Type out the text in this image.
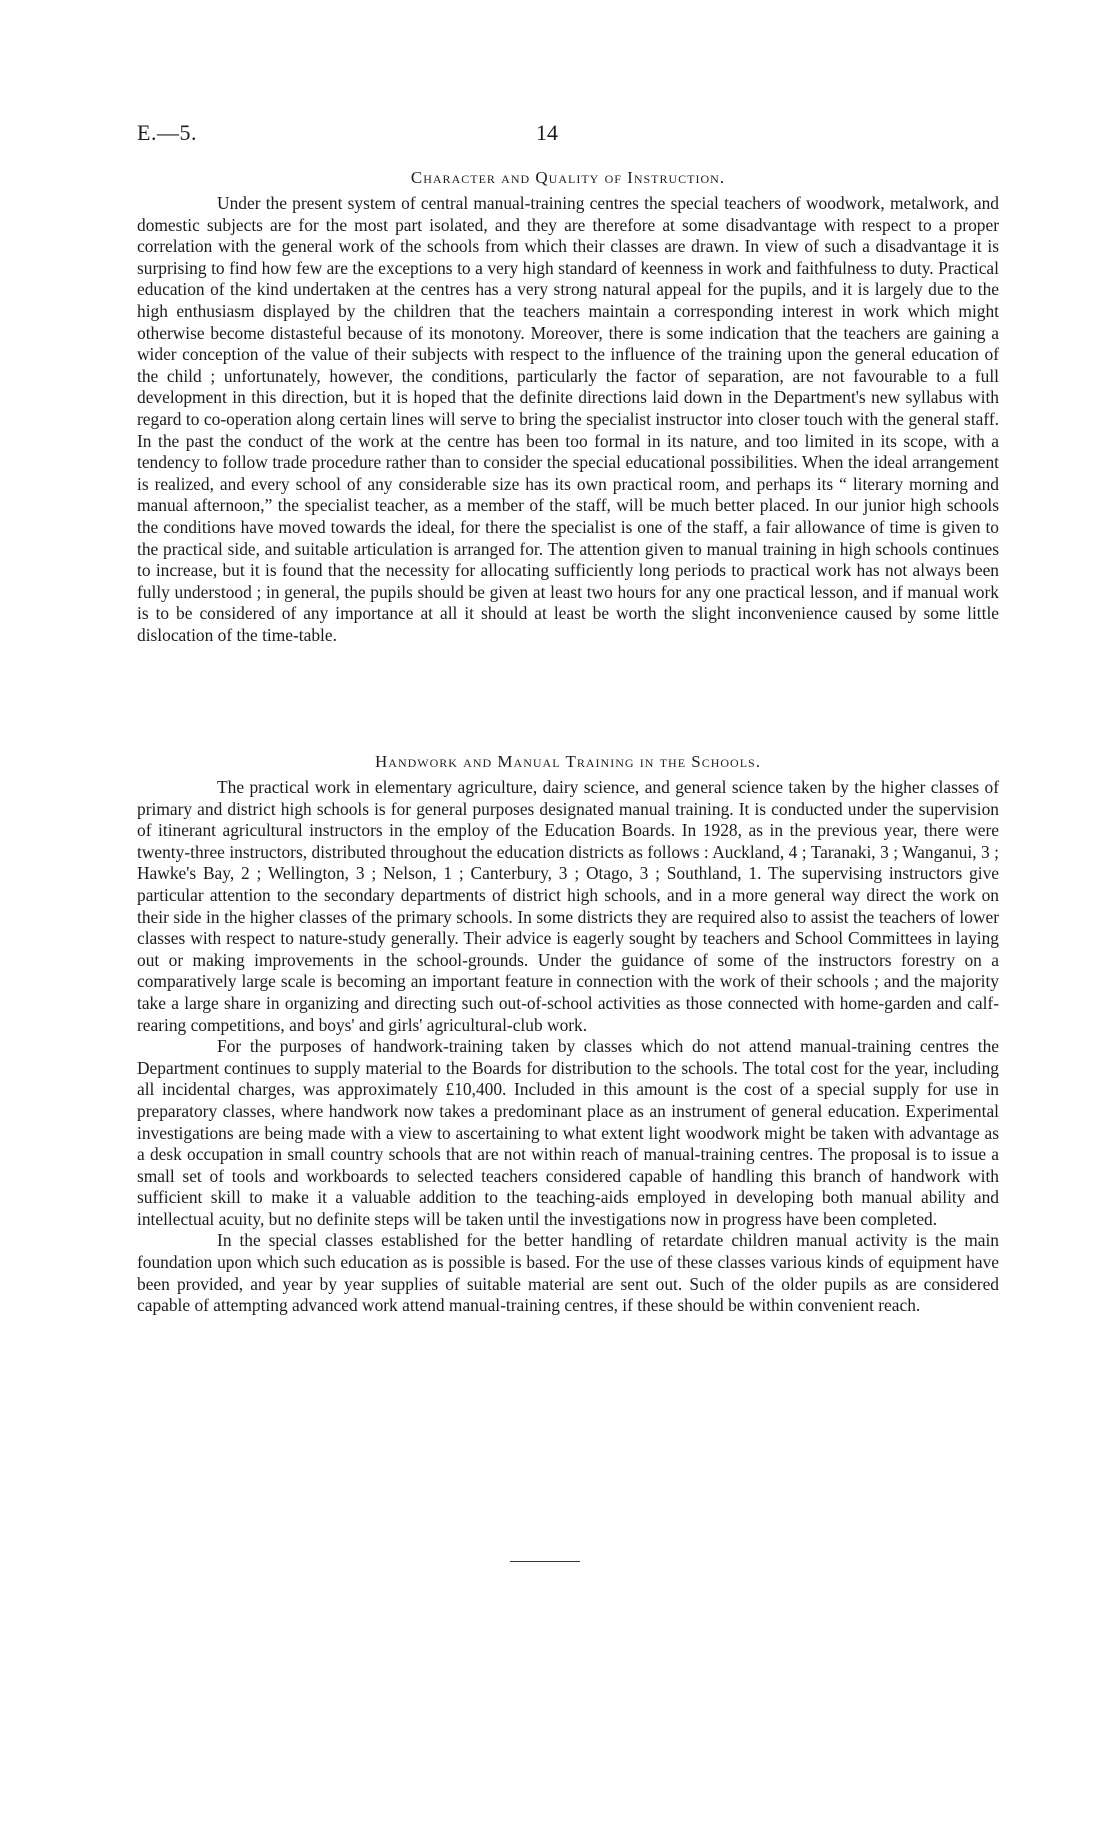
E.—5.	14
Character and Quality of Instruction.

Under the present system of central manual-training centres the special teachers of woodwork, metalwork, and domestic subjects are for the most part isolated, and they are therefore at some disadvantage with respect to a proper correlation with the general work of the schools from which their classes are drawn. In view of such a disadvantage it is surprising to find how few are the exceptions to a very high standard of keenness in work and faithfulness to duty. Practical education of the kind undertaken at the centres has a very strong natural appeal for the pupils, and it is largely due to the high enthusiasm displayed by the children that the teachers maintain a corresponding interest in work which might otherwise become distasteful because of its monotony. Moreover, there is some indication that the teachers are gaining a wider conception of the value of their subjects with respect to the influence of the training upon the general education of the child ; unfortunately, however, the conditions, particularly the factor of separation, are not favourable to a full development in this direction, but it is hoped that the definite directions laid down in the Department's new syllabus with regard to co-operation along certain lines will serve to bring the specialist instructor into closer touch with the general staff. In the past the conduct of the work at the centre has been too formal in its nature, and too limited in its scope, with a tendency to follow trade procedure rather than to consider the special educational possibilities. When the ideal arrangement is realized, and every school of any considerable size has its own practical room, and perhaps its “ literary morning and manual afternoon,” the specialist teacher, as a member of the staff, will be much better placed. In our junior high schools the conditions have moved towards the ideal, for there the specialist is one of the staff, a fair allowance of time is given to the practical side, and suitable articulation is arranged for. The attention given to manual training in high schools continues to increase, but it is found that the necessity for allocating sufficiently long periods to practical work has not always been fully understood ; in general, the pupils should be given at least two hours for any one practical lesson, and if manual work is to be considered of any importance at all it should at least be worth the slight inconvenience caused by some little dislocation of the time-table.

Handwork and Manual Training in the Schools.

The practical work in elementary agriculture, dairy science, and general science taken by the higher classes of primary and district high schools is for general purposes designated manual training. It is conducted under the supervision of itinerant agricultural instructors in the employ of the Education Boards. In 1928, as in the previous year, there were twenty-three instructors, distributed throughout the education districts as follows : Auckland, 4 ; Taranaki, 3 ; Wanganui, 3 ; Hawke's Bay, 2 ; Wellington, 3 ; Nelson, 1 ; Canterbury, 3 ; Otago, 3 ; Southland, 1. The supervising instructors give particular attention to the secondary departments of district high schools, and in a more general way direct the work on their side in the higher classes of the primary schools. In some districts they are required also to assist the teachers of lower classes with respect to nature-study generally. Their advice is eagerly sought by teachers and School Committees in laying out or making improvements in the school-grounds. Under the guidance of some of the instructors forestry on a comparatively large scale is becoming an important feature in connection with the work of their schools ; and the majority take a large share in organizing and directing such out-of-school activities as those connected with home-garden and calf-rearing competitions, and boys' and girls' agricultural-club work.

For the purposes of handwork-training taken by classes which do not attend manual-training centres the Department continues to supply material to the Boards for distribution to the schools. The total cost for the year, including all incidental charges, was approximately £10,400. Included in this amount is the cost of a special supply for use in preparatory classes, where handwork now takes a predominant place as an instrument of general education. Experimental investigations are being made with a view to ascertaining to what extent light woodwork might be taken with advantage as a desk occupation in small country schools that are not within reach of manual-training centres. The proposal is to issue a small set of tools and workboards to selected teachers considered capable of handling this branch of handwork with sufficient skill to make it a valuable addition to the teaching-aids employed in developing both manual ability and intellectual acuity, but no definite steps will be taken until the investigations now in progress have been completed.

In the special classes established for the better handling of retardate children manual activity is the main foundation upon which such education as is possible is based. For the use of these classes various kinds of equipment have been provided, and year by year supplies of suitable material are sent out. Such of the older pupils as are considered capable of attempting advanced work attend manual-training centres, if these should be within convenient reach.
